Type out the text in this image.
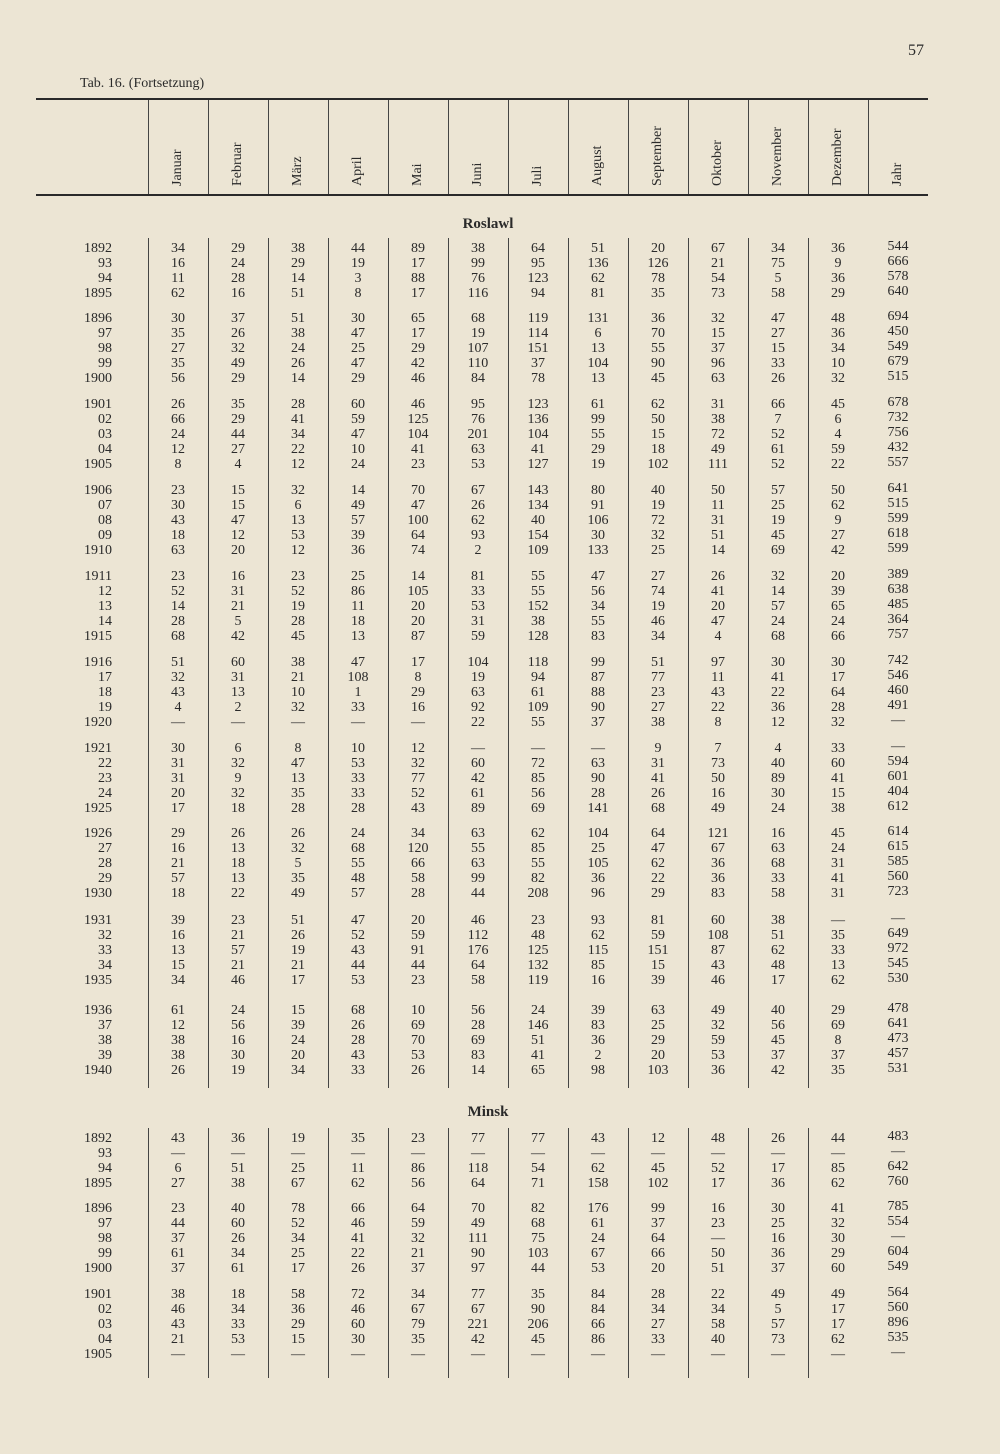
57
Tab. 16. (Fortsetzung)
Januar	Februar	März	April	Mai	Juni	Juli	August	September	Oktober	November	Dezember	Jahr
Roslawl
1892	34	29	38	44	89	38	64	51	20	67	34	36	544
93	16	24	29	19	17	99	95	136	126	21	75	9	666
94	11	28	14	3	88	76	123	62	78	54	5	36	578
1895	62	16	51	8	17	116	94	81	35	73	58	29	640
1896	30	37	51	30	65	68	119	131	36	32	47	48	694
97	35	26	38	47	17	19	114	6	70	15	27	36	450
98	27	32	24	25	29	107	151	13	55	37	15	34	549
99	35	49	26	47	42	110	37	104	90	96	33	10	679
1900	56	29	14	29	46	84	78	13	45	63	26	32	515
1901	26	35	28	60	46	95	123	61	62	31	66	45	678
02	66	29	41	59	125	76	136	99	50	38	7	6	732
03	24	44	34	47	104	201	104	55	15	72	52	4	756
04	12	27	22	10	41	63	41	29	18	49	61	59	432
1905	8	4	12	24	23	53	127	19	102	111	52	22	557
1906	23	15	32	14	70	67	143	80	40	50	57	50	641
07	30	15	6	49	47	26	134	91	19	11	25	62	515
08	43	47	13	57	100	62	40	106	72	31	19	9	599
09	18	12	53	39	64	93	154	30	32	51	45	27	618
1910	63	20	12	36	74	2	109	133	25	14	69	42	599
1911	23	16	23	25	14	81	55	47	27	26	32	20	389
12	52	31	52	86	105	33	55	56	74	41	14	39	638
13	14	21	19	11	20	53	152	34	19	20	57	65	485
14	28	5	28	18	20	31	38	55	46	47	24	24	364
1915	68	42	45	13	87	59	128	83	34	4	68	66	757
1916	51	60	38	47	17	104	118	99	51	97	30	30	742
17	32	31	21	108	8	19	94	87	77	11	41	17	546
18	43	13	10	1	29	63	61	88	23	43	22	64	460
19	4	2	32	33	16	92	109	90	27	22	36	28	491
1920	—	—	—	—	—	22	55	37	38	8	12	32	—
1921	30	6	8	10	12	—	—	—	9	7	4	33	—
22	31	32	47	53	32	60	72	63	31	73	40	60	594
23	31	9	13	33	77	42	85	90	41	50	89	41	601
24	20	32	35	33	52	61	56	28	26	16	30	15	404
1925	17	18	28	28	43	89	69	141	68	49	24	38	612
1926	29	26	26	24	34	63	62	104	64	121	16	45	614
27	16	13	32	68	120	55	85	25	47	67	63	24	615
28	21	18	5	55	66	63	55	105	62	36	68	31	585
29	57	13	35	48	58	99	82	36	22	36	33	41	560
1930	18	22	49	57	28	44	208	96	29	83	58	31	723
1931	39	23	51	47	20	46	23	93	81	60	38	—	—
32	16	21	26	52	59	112	48	62	59	108	51	35	649
33	13	57	19	43	91	176	125	115	151	87	62	33	972
34	15	21	21	44	44	64	132	85	15	43	48	13	545
1935	34	46	17	53	23	58	119	16	39	46	17	62	530
1936	61	24	15	68	10	56	24	39	63	49	40	29	478
37	12	56	39	26	69	28	146	83	25	32	56	69	641
38	38	16	24	28	70	69	51	36	29	59	45	8	473
39	38	30	20	43	53	83	41	2	20	53	37	37	457
1940	26	19	34	33	26	14	65	98	103	36	42	35	531
Minsk
1892	43	36	19	35	23	77	77	43	12	48	26	44	483
93	—	—	—	—	—	—	—	—	—	—	—	—	—
94	6	51	25	11	86	118	54	62	45	52	17	85	642
1895	27	38	67	62	56	64	71	158	102	17	36	62	760
1896	23	40	78	66	64	70	82	176	99	16	30	41	785
97	44	60	52	46	59	49	68	61	37	23	25	32	554
98	37	26	34	41	32	111	75	24	64	—	16	30	—
99	61	34	25	22	21	90	103	67	66	50	36	29	604
1900	37	61	17	26	37	97	44	53	20	51	37	60	549
1901	38	18	58	72	34	77	35	84	28	22	49	49	564
02	46	34	36	46	67	67	90	84	34	34	5	17	560
03	43	33	29	60	79	221	206	66	27	58	57	17	896
04	21	53	15	30	35	42	45	86	33	40	73	62	535
1905	—	—	—	—	—	—	—	—	—	—	—	—	—
